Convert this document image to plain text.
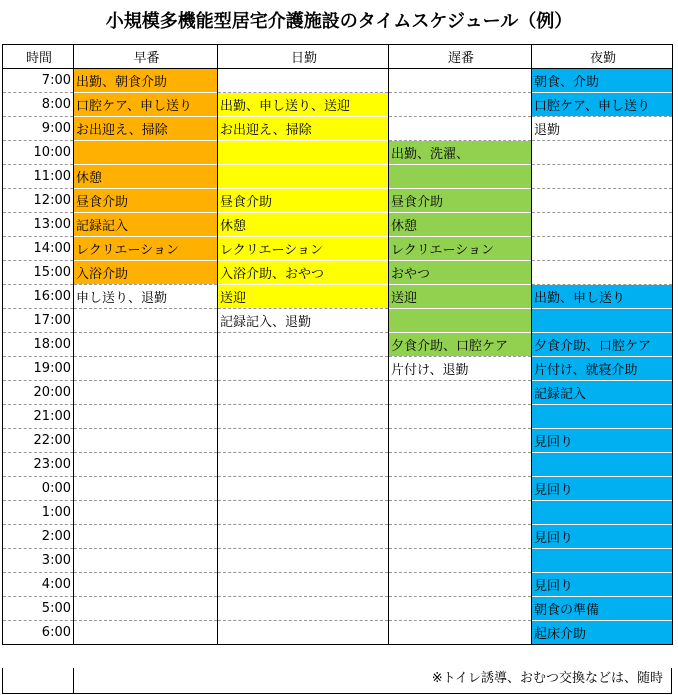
小規模多機能型居宅介護施設のタイムスケジュール（例）
時間	早番	日勤	遅番	夜勤
7:00	出勤、朝食介助			朝食、介助
8:00	口腔ケア、申し送り	出勤、申し送り、送迎		口腔ケア、申し送り
9:00	お出迎え、掃除	お出迎え、掃除		退勤
10:00			出勤、洗濯、	
11:00	休憩			
12:00	昼食介助	昼食介助	昼食介助	
13:00	記録記入	休憩	休憩	
14:00	レクリエーション	レクリエーション	レクリエーション	
15:00	入浴介助	入浴介助、おやつ	おやつ	
16:00	申し送り、退勤	送迎	送迎	出勤、申し送り
17:00		記録記入、退勤		
18:00			夕食介助、口腔ケア	夕食介助、口腔ケア
19:00			片付け、退勤	片付け、就寝介助
20:00				記録記入
21:00				
22:00				見回り
23:00				
0:00				見回り
1:00				
2:00				見回り
3:00				
4:00				見回り
5:00				朝食の準備
6:00				起床介助
※トイレ誘導、おむつ交換などは、随時
